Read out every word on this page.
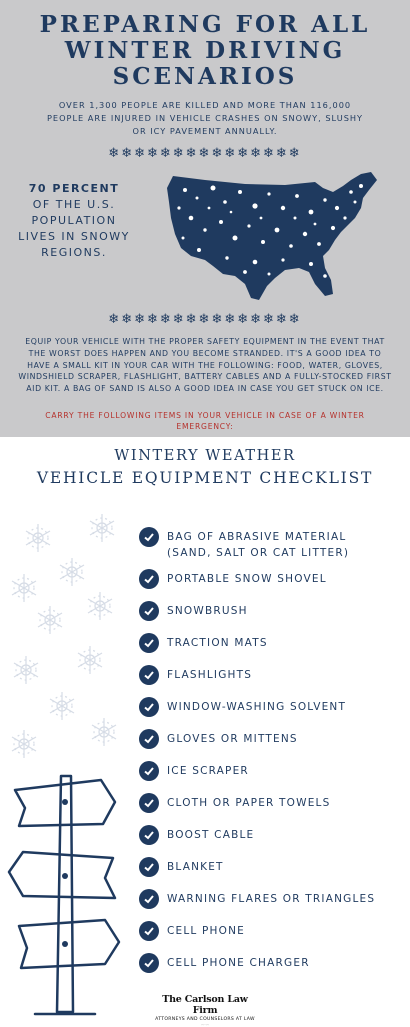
PREPARING FOR ALL
WINTER DRIVING
SCENARIOS
OVER 1,300 PEOPLE ARE KILLED AND MORE THAN 116,000 PEOPLE ARE INJURED IN VEHICLE CRASHES ON SNOWY, SLUSHY OR ICY PAVEMENT ANNUALLY.
❄❄❄❄❄❄❄❄❄❄❄❄❄❄❄
70 PERCENT
OF THE U.S. POPULATION LIVES IN SNOWY REGIONS.
❄❄❄❄❄❄❄❄❄❄❄❄❄❄❄
EQUIP YOUR VEHICLE WITH THE PROPER SAFETY EQUIPMENT IN THE EVENT THAT THE WORST DOES HAPPEN AND YOU BECOME STRANDED. IT'S A GOOD IDEA TO HAVE A SMALL KIT IN YOUR CAR WITH THE FOLLOWING: FOOD, WATER, GLOVES, WINDSHIELD SCRAPER, FLASHLIGHT, BATTERY CABLES AND A FULLY-STOCKED FIRST AID KIT. A BAG OF SAND IS ALSO A GOOD IDEA IN CASE YOU GET STUCK ON ICE.
CARRY THE FOLLOWING ITEMS IN YOUR VEHICLE IN CASE OF A WINTER EMERGENCY:
WINTERY WEATHER
VEHICLE EQUIPMENT CHECKLIST
BAG OF ABRASIVE MATERIAL
(SAND, SALT OR CAT LITTER)
PORTABLE SNOW SHOVEL
SNOWBRUSH
TRACTION MATS
FLASHLIGHTS
WINDOW-WASHING SOLVENT
GLOVES OR MITTENS
ICE SCRAPER
CLOTH OR PAPER TOWELS
BOOST CABLE
BLANKET
WARNING FLARES OR TRIANGLES
CELL PHONE
CELL PHONE CHARGER
The Carlson Law Firm
ATTORNEYS AND COUNSELORS AT LAW
〰 〰
